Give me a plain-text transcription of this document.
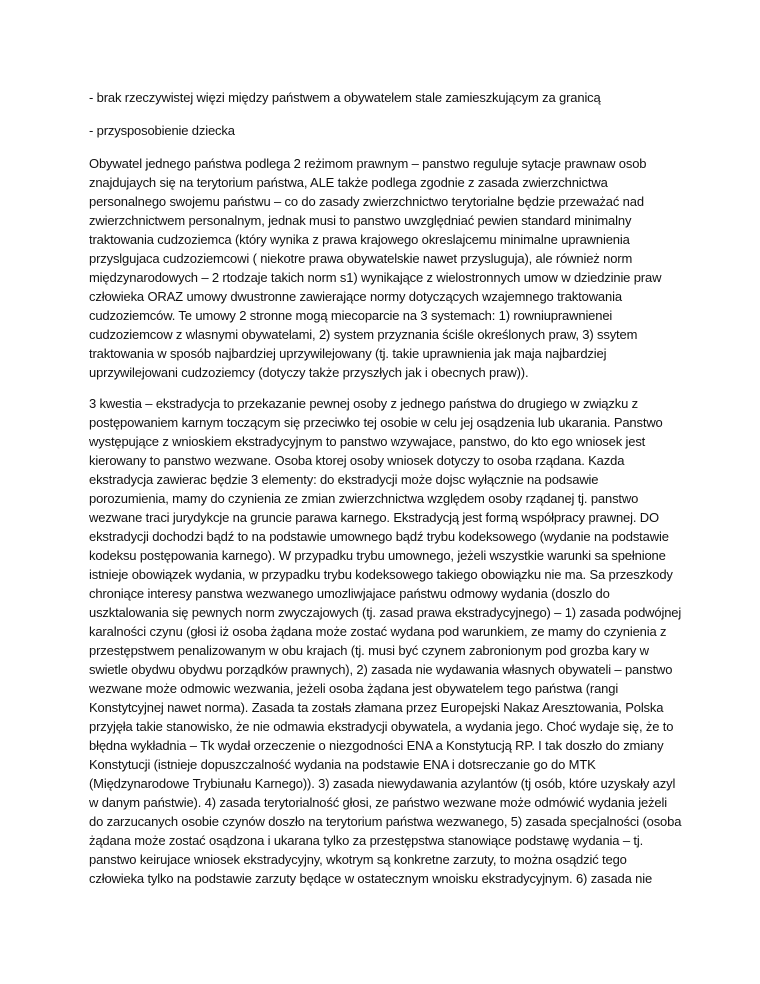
- brak rzeczywistej więzi między państwem a obywatelem stale zamieszkującym za granicą
- przysposobienie dziecka
Obywatel jednego państwa podlega 2 reżimom prawnym – panstwo reguluje sytacje prawnaw osob
znajdujaych się na terytorium państwa, ALE także podlega zgodnie z zasada zwierzchnictwa
personalnego swojemu państwu – co do zasady zwierzchnictwo terytorialne będzie przeważać nad
zwierzchnictwem personalnym, jednak musi to panstwo uwzględniać pewien standard minimalny
traktowania cudzoziemca (który wynika z prawa krajowego okreslajcemu minimalne uprawnienia
przyslgujaca cudzoziemcowi ( niekotre prawa obywatelskie nawet przysluguja), ale również norm
międzynarodowych – 2 rtodzaje takich norm s1) wynikające z wielostronnych umow w dziedzinie praw
człowieka ORAZ umowy dwustronne zawierające normy dotyczących wzajemnego traktowania
cudzoziemców. Te umowy 2 stronne mogą miecoparcie na 3 systemach: 1) rowniuprawnienei
cudzoziemcow z wlasnymi obywatelami, 2) system przyznania ściśle określonych praw, 3) ssytem
traktowania w sposób najbardziej uprzywilejowany (tj. takie uprawnienia jak maja najbardziej
uprzywilejowani cudzoziemcy (dotyczy także przyszłych jak i obecnych praw)).
3 kwestia – ekstradycja to przekazanie pewnej osoby z jednego państwa do drugiego w związku z
postępowaniem karnym toczącym się przeciwko tej osobie w celu jej osądzenia lub ukarania. Panstwo
występujące z wnioskiem ekstradycyjnym to panstwo wzywajace, panstwo, do kto ego wniosek jest
kierowany to panstwo wezwane. Osoba ktorej osoby wniosek dotyczy to osoba rządana. Kazda
ekstradycja zawierac będzie 3 elementy: do ekstradycji może dojsc wyłącznie na podsawie
porozumienia, mamy do czynienia ze zmian zwierzchnictwa względem osoby rządanej tj. panstwo
wezwane traci jurydykcje na gruncie parawa karnego. Ekstradycją jest formą współpracy prawnej. DO
ekstradycji dochodzi bądź to na podstawie umownego bądź trybu kodeksowego (wydanie na podstawie
kodeksu postępowania karnego). W przypadku trybu umownego, jeżeli wszystkie warunki sa spełnione
istnieje obowiązek wydania, w przypadku trybu kodeksowego takiego obowiązku nie ma. Sa przeszkody
chroniące interesy panstwa wezwanego umozliwjajace państwu odmowy wydania (doszlo do
uszktalowania się pewnych norm zwyczajowych (tj. zasad prawa ekstradycyjnego) – 1) zasada podwójnej
karalności czynu (głosi iż osoba żądana może zostać wydana pod warunkiem, ze mamy do czynienia z
przestępstwem penalizowanym w obu krajach (tj. musi być czynem zabronionym pod grozba kary w
swietle obydwu obydwu porządków prawnych), 2) zasada nie wydawania własnych obywateli – panstwo
wezwane może odmowic wezwania, jeżeli osoba żądana jest obywatelem tego państwa (rangi
Konstytcyjnej nawet norma). Zasada ta zostałs złamana przez Europejski Nakaz Aresztowania, Polska
przyjęła takie stanowisko, że nie odmawia ekstradycji obywatela, a wydania jego. Choć wydaje się, że to
błędna wykładnia – Tk wydał orzeczenie o niezgodności ENA a Konstytucją RP. I tak doszło do zmiany
Konstytucji (istnieje dopuszczalność wydania na podstawie ENA i dotsreczanie go do MTK
(Międzynarodowe Trybiunału Karnego)). 3) zasada niewydawania azylantów (tj osób, które uzyskały azyl
w danym państwie). 4) zasada terytorialność głosi, ze państwo wezwane może odmówić wydania jeżeli
do zarzucanych osobie czynów doszło na terytorium państwa wezwanego, 5) zasada specjalności (osoba
żądana może zostać osądzona i ukarana tylko za przestępstwa stanowiące podstawę wydania – tj.
panstwo keirujace wniosek ekstradycyjny, wkotrym są konkretne zarzuty, to można osądzić tego
człowieka tylko na podstawie zarzuty będące w ostatecznym wnoisku ekstradycyjnym. 6) zasada nie
